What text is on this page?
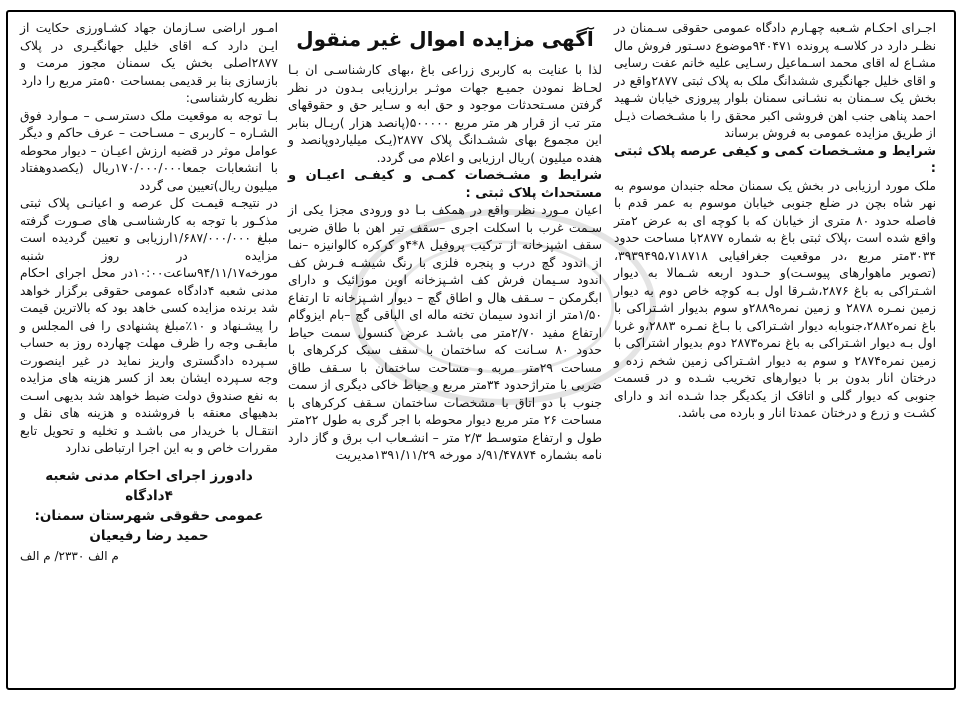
اجـرای احکـام شـعبه چهـارم دادگاه عمومی حقوقی سـمنان در نظـر دارد در کلاسـه پرونده ۹۴۰۴۷۱موضوع دسـتور فروش مال مشـاع له اقای محمد اسـماعیل رسـایی علیه خانم عفت رسایی و اقای خلیل جهانگیری ششدانگ ملک به پلاک ثبتی ۲۸۷۷واقع در بخش یک سـمنان به نشـانی سمنان بلوار پیروزی خیابان شـهید احمد پناهی جنب اهن فروشی اکبر محقق را با مشـخصات ذیـل از طریق مزایده عمومی به فروش برساند

شرایط و مشـخصات کمی و کیفی عرصه پلاک ثبتی :

ملک مورد ارزیابی در بخش یک سمنان محله جنبدان موسوم به نهر شاه بچن در ضلع جنوبی خیابان موسوم به عمر قدم با فاصله حدود ۸۰ متری از خیابان که با کوچه ای به عرض ۲متر واقع شده است ،پلاک ثبتی باغ به شماره ۲۸۷۷با مساحت حدود ۳۰۳۴متر مربع ،در موقعیت جغرافیایی ۳۹۳۹۴۹۵،۷۱۸۷۱۸،(تصویر ماهوارهای پیوسـت)و حـدود اربعه شـمالا به دیوار اشـتراکی به باغ ۲۸۷۶،شـرقا اول بـه کوچه خاص دوم به دیوار زمین نمـره ۲۸۷۸ و زمین نمره۲۸۸۹و سوم بدیوار اشـتراکی با باغ نمره۲۸۸۲،جنوبابه دیوار اشـتراکی با بـاغ نمـره ۲۸۸۳،و غربا اول بـه دیوار اشـتراکی به باغ نمره۲۸۷۳ دوم بدیوار اشتراکی با زمین نمره۲۸۷۴ و سوم به دیوار اشـتراکی زمین شخم زده و درختان انار بدون بر با دیوارهای تخریب شـده و در قسمت جنوبی که دیوار گلی و اتاقک از یکدیگر جدا شـده اند و دارای کشـت و زرع و درختان عمدتا انار و بارده می باشد.

آگهی مزایده اموال غیر منقول

لذا با عنایت به کاربری زراعی باغ ،بهای کارشناسـی ان بـا لحـاظ نمودن جمیـع جهات موثـر برارزیابی بـدون در نظر گرفتن مسـتحدثات موجود و حق ابه و سـایر حق و حقوقهای متر تب از قرار هر متر مربع ۵۰۰۰۰۰(پانصد هزار )ریـال بنابر این مجموع بهای ششـدانگ پلاک ۲۸۷۷(یـک میلیاردوپانصد و هفده میلیون )ریال ارزیابی و اعلام می گردد.

شرایط و مشـخصات کمـی و کیفـی اعیـان و مستحداث پلاک ثبتی :

اعیان مـورد نظر واقع در همکف بـا دو ورودی مجزا یکی از سـمت غرب با اسکلت اجری –سقف تیر اهن با طاق ضربی سقف اشپزخانه از ترکیب پروفیل ۸*۴و کرکره کالوانیزه –نما از اندود گچ درب و پنجره فلزی با رنگ شیشـه فـرش کف اندود سـیمان فرش کف اشـپزخانه اوین موزائیک و دارای ابگرمکن – سـقف هال و اطاق گچ – دیوار اشـپزخانه تا ارتفاع ۱/۵۰متر از اندود سیمان تخته ماله ای الباقی گچ –بام ایزوگام ارتفاع مفید ۲/۷۰متر می باشـد عرض کنسول سمت حیاط حدود ۸۰ سـانت که ساختمان با سقف سبک کرکرهای با مساحت ۲۹متر مربه و مساحت ساختمان با سـقف طاق ضربی با متراژحدود ۳۴متر مربع و حیاط خاکی دیگری از سمت جنوب با دو اتاق با مشخصات ساختمان سـقف کرکرهای با مساحت ۲۶ متر مربع دیوار محوطه با اجر گری به طول ۲۲متر طول و ارتفاع متوسـط ۲/۳ متر – انشـعاب اب برق و گاز دارد نامه بشماره ۹۱/۴۷۸۷۴/د مورخه ۱۳۹۱/۱۱/۲۹مدیریت

امـور اراضی سـازمان جهاد کشـاورزی حکایت از ایـن دارد کـه اقای خلیل جهانگیـری در پلاک ۲۸۷۷اصلی بخش یک سمنان مجوز مرمت و بازسازی بنا بر قدیمی بمساحت ۵۰متر مربع را دارد

نظریه کارشناسی:

بـا توجه به موقعیت ملک دسترسـی – مـوارد فوق الشـاره – کاربری – مسـاحت – عرف حاکم و دیگر عوامل موثر در قضیه ارزش اعیـان – دیوار محوطه با انشعابات جمعا۱۷۰/۰۰۰/۰۰۰ریال (یکصدوهفتاد میلیون ریال)تعیین می گردد

در نتیجـه قیمـت کل عرصه و اعیانـی پلاک ثبتی مذکـور با توجه به کارشناسـی های صـورت گرفته مبلغ ۱/۶۸۷/۰۰۰/۰۰۰ارزیابی و تعیین گردیده است مزایده در روز شنبه مورخه۹۴/۱۱/۱۷ساعت۱۰:۰۰در محل اجرای احکام مدنی شعبه ۴دادگاه عمومی حقوقی برگزار خواهد شد برنده مزایده کسی خاهد بود که بالاترین قیمت را پیشـنهاد و ۱۰٪مبلغ پشنهادی را فی المجلس و مابقـی وجه را ظرف مهلت چهارده روز به حساب سـپرده دادگستری واریز نماید در غیر اینصورت وجه سـپرده ایشان بعد از کسر هزینه های مزایده به نفع صندوق دولت ضبط خواهد شد بدیهی اسـت بدهیهای معنقه با فروشنده و هزینه های نقل و انتقـال با خریدار می باشـد و تخلیه و تحویل تابع مقررات خاص و به این اجرا ارتباطی ندارد

دادورز اجرای احکام مدنی شعبه ۴دادگاه
عمومی حقوقی شهرستان سمنان:
حمید رضا رفیعیان

م الف ۲۳۳۰/ م الف
